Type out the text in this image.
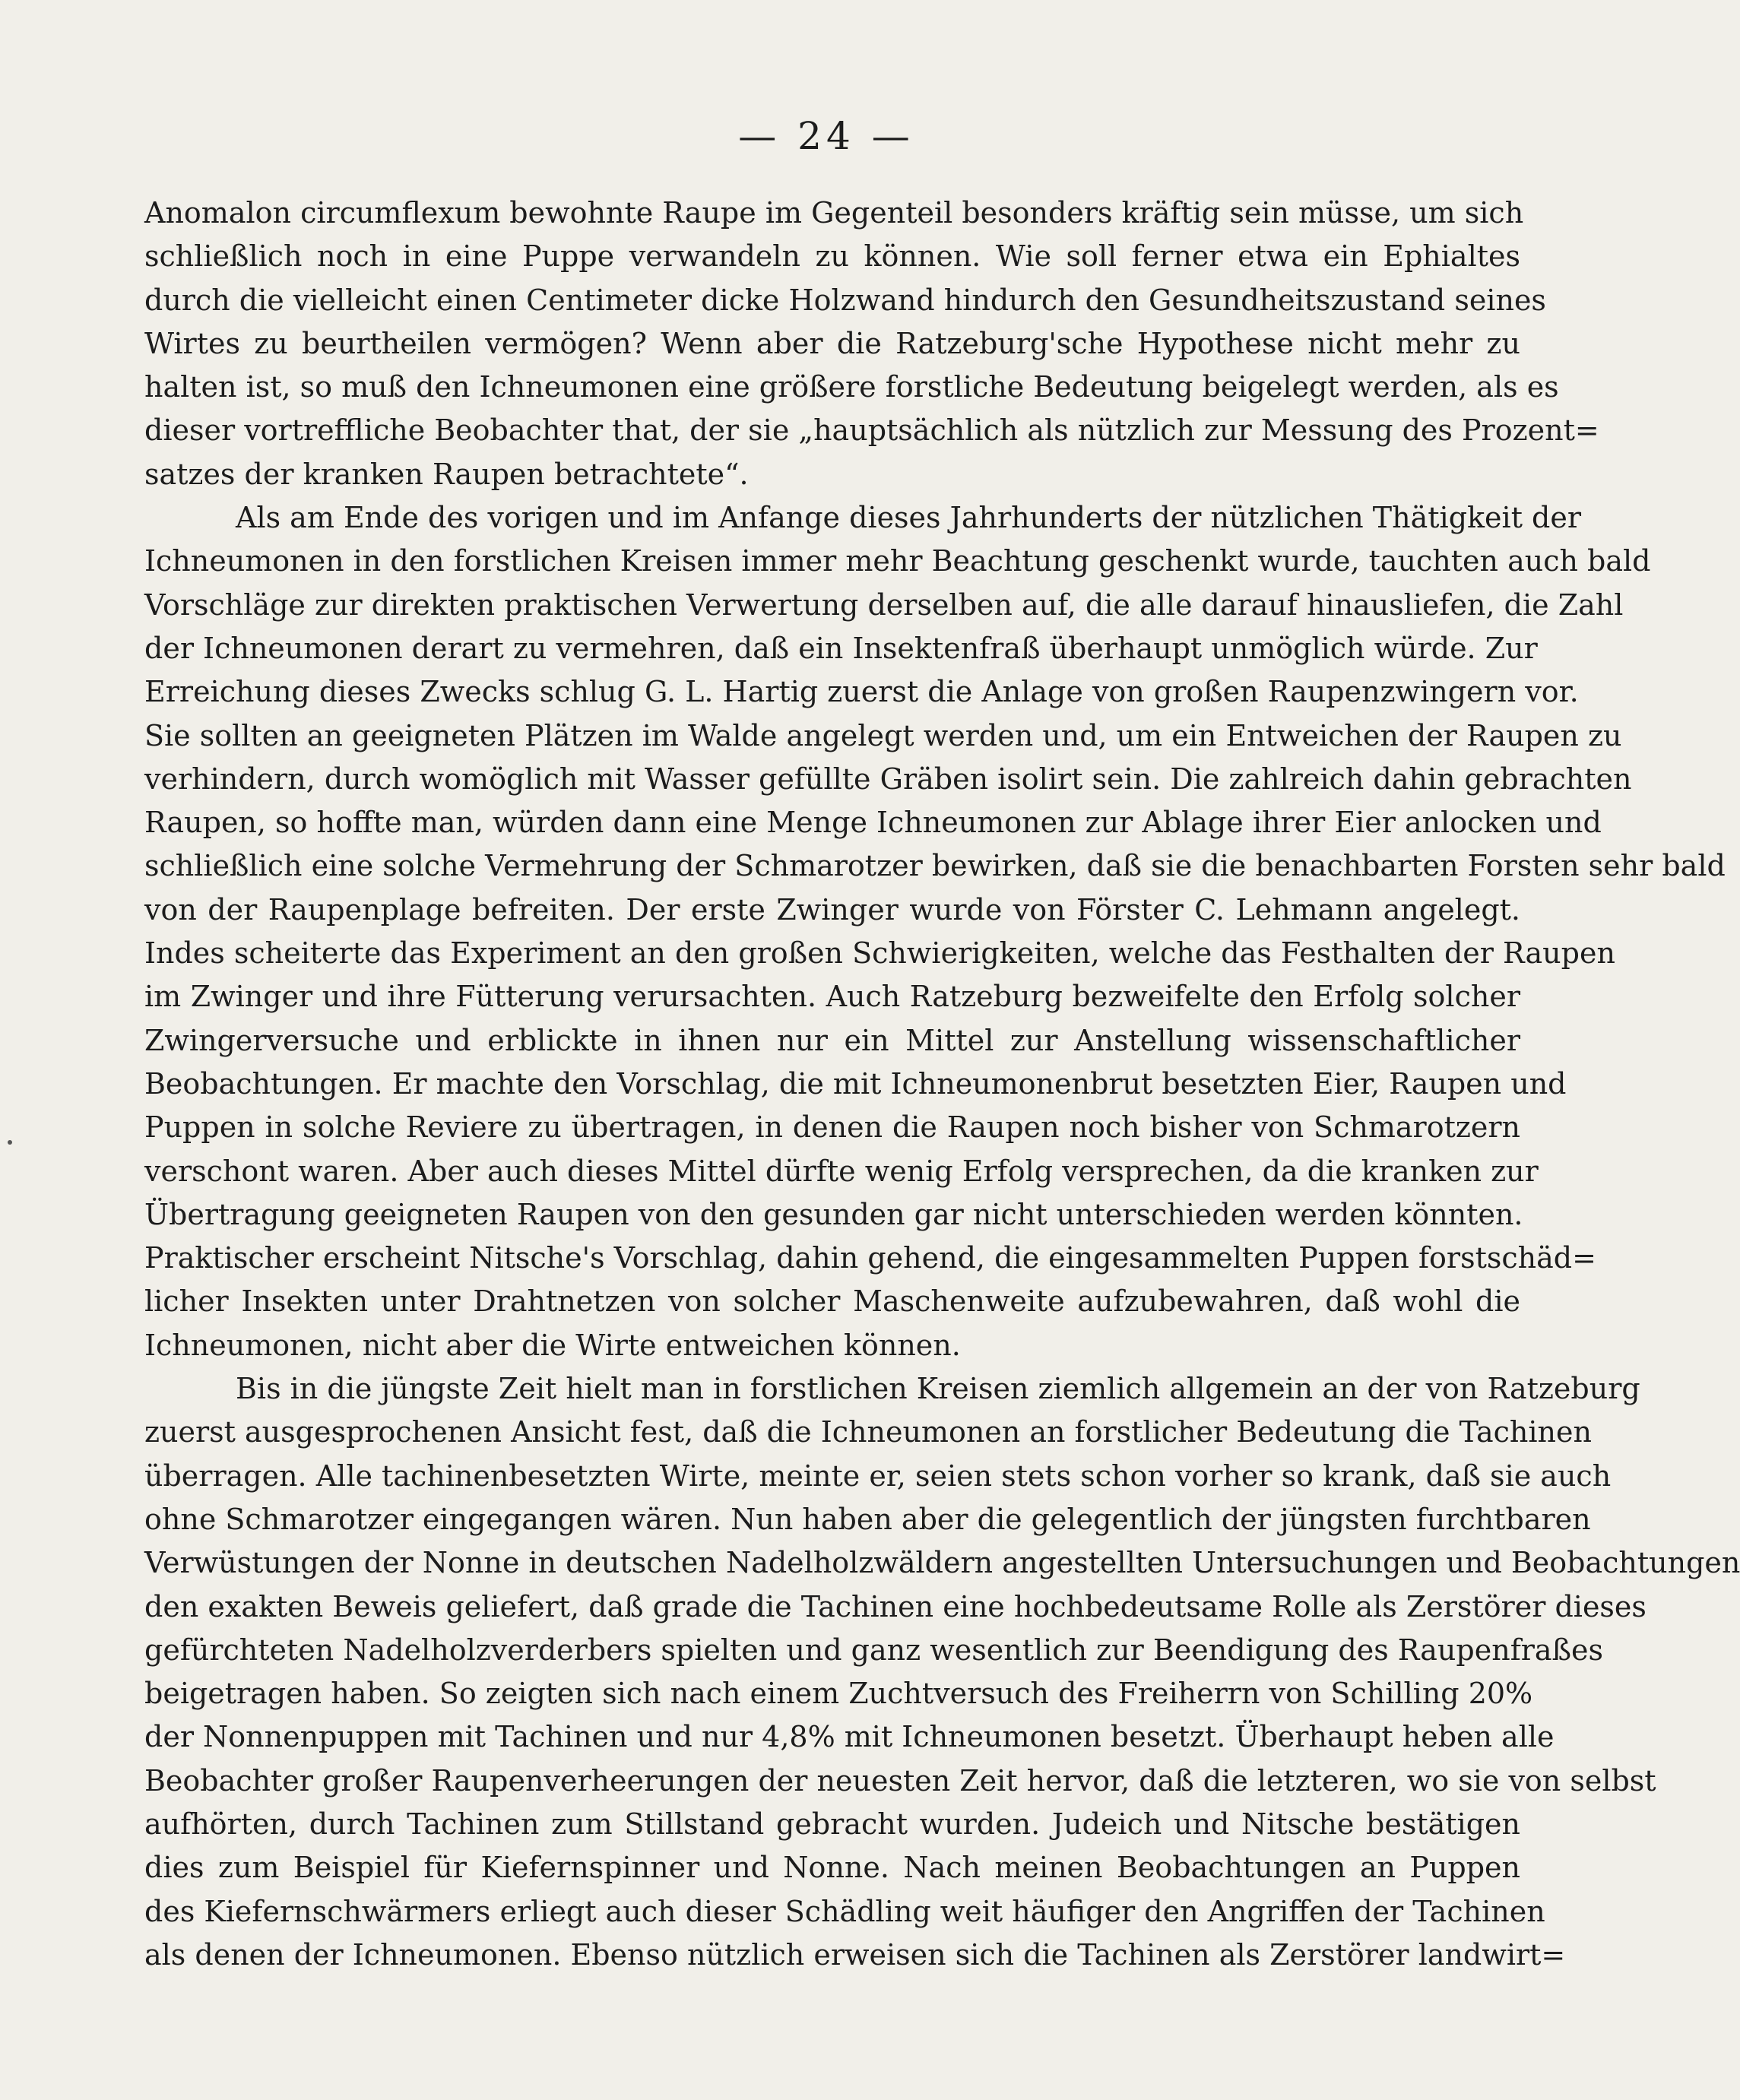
— 24 —
Anomalon circumflexum bewohnte Raupe im Gegenteil besonders kräftig sein müsse, um sich
schließlich noch in eine Puppe verwandeln zu können. Wie soll ferner etwa ein Ephialtes
durch die vielleicht einen Centimeter dicke Holzwand hindurch den Gesundheitszustand seines
Wirtes zu beurtheilen vermögen? Wenn aber die Ratzeburg'sche Hypothese nicht mehr zu
halten ist, so muß den Ichneumonen eine größere forstliche Bedeutung beigelegt werden, als es
dieser vortreffliche Beobachter that, der sie „hauptsächlich als nützlich zur Messung des Prozent=
satzes der kranken Raupen betrachtete“.
Als am Ende des vorigen und im Anfange dieses Jahrhunderts der nützlichen Thätigkeit der
Ichneumonen in den forstlichen Kreisen immer mehr Beachtung geschenkt wurde, tauchten auch bald
Vorschläge zur direkten praktischen Verwertung derselben auf, die alle darauf hinausliefen, die Zahl
der Ichneumonen derart zu vermehren, daß ein Insektenfraß überhaupt unmöglich würde. Zur
Erreichung dieses Zwecks schlug G. L. Hartig zuerst die Anlage von großen Raupenzwingern vor.
Sie sollten an geeigneten Plätzen im Walde angelegt werden und, um ein Entweichen der Raupen zu
verhindern, durch womöglich mit Wasser gefüllte Gräben isolirt sein. Die zahlreich dahin gebrachten
Raupen, so hoffte man, würden dann eine Menge Ichneumonen zur Ablage ihrer Eier anlocken und
schließlich eine solche Vermehrung der Schmarotzer bewirken, daß sie die benachbarten Forsten sehr bald
von der Raupenplage befreiten. Der erste Zwinger wurde von Förster C. Lehmann angelegt.
Indes scheiterte das Experiment an den großen Schwierigkeiten, welche das Festhalten der Raupen
im Zwinger und ihre Fütterung verursachten. Auch Ratzeburg bezweifelte den Erfolg solcher
Zwingerversuche und erblickte in ihnen nur ein Mittel zur Anstellung wissenschaftlicher
Beobachtungen. Er machte den Vorschlag, die mit Ichneumonenbrut besetzten Eier, Raupen und
Puppen in solche Reviere zu übertragen, in denen die Raupen noch bisher von Schmarotzern
verschont waren. Aber auch dieses Mittel dürfte wenig Erfolg versprechen, da die kranken zur
Übertragung geeigneten Raupen von den gesunden gar nicht unterschieden werden könnten.
Praktischer erscheint Nitsche's Vorschlag, dahin gehend, die eingesammelten Puppen forstschäd=
licher Insekten unter Drahtnetzen von solcher Maschenweite aufzubewahren, daß wohl die
Ichneumonen, nicht aber die Wirte entweichen können.
Bis in die jüngste Zeit hielt man in forstlichen Kreisen ziemlich allgemein an der von Ratzeburg
zuerst ausgesprochenen Ansicht fest, daß die Ichneumonen an forstlicher Bedeutung die Tachinen
überragen. Alle tachinenbesetzten Wirte, meinte er, seien stets schon vorher so krank, daß sie auch
ohne Schmarotzer eingegangen wären. Nun haben aber die gelegentlich der jüngsten furchtbaren
Verwüstungen der Nonne in deutschen Nadelholzwäldern angestellten Untersuchungen und Beobachtungen
den exakten Beweis geliefert, daß grade die Tachinen eine hochbedeutsame Rolle als Zerstörer dieses
gefürchteten Nadelholzverderbers spielten und ganz wesentlich zur Beendigung des Raupenfraßes
beigetragen haben. So zeigten sich nach einem Zuchtversuch des Freiherrn von Schilling 20%
der Nonnenpuppen mit Tachinen und nur 4,8% mit Ichneumonen besetzt. Überhaupt heben alle
Beobachter großer Raupenverheerungen der neuesten Zeit hervor, daß die letzteren, wo sie von selbst
aufhörten, durch Tachinen zum Stillstand gebracht wurden. Judeich und Nitsche bestätigen
dies zum Beispiel für Kiefernspinner und Nonne. Nach meinen Beobachtungen an Puppen
des Kiefernschwärmers erliegt auch dieser Schädling weit häufiger den Angriffen der Tachinen
als denen der Ichneumonen. Ebenso nützlich erweisen sich die Tachinen als Zerstörer landwirt=
